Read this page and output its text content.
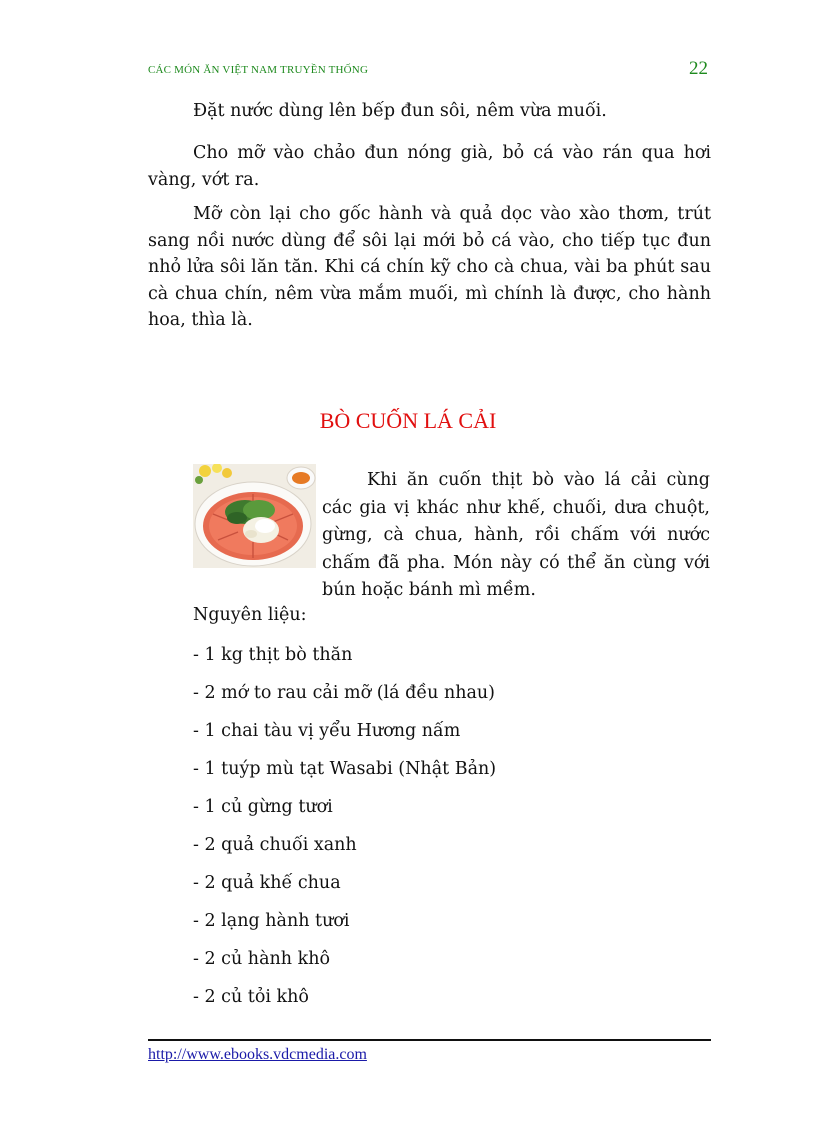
CÁC MÓN ĂN VIỆT NAM TRUYỀN THỐNG	22

Đặt nước dùng lên bếp đun sôi, nêm vừa muối.

Cho mỡ vào chảo đun nóng già, bỏ cá vào rán qua hơi vàng, vớt ra.

Mỡ còn lại cho gốc hành và quả dọc vào xào thơm, trút sang nồi nước dùng để sôi lại mới bỏ cá vào, cho tiếp tục đun nhỏ lửa sôi lăn tăn. Khi cá chín kỹ cho cà chua, vài ba phút sau cà chua chín, nêm vừa mắm muối, mì chính là được, cho hành hoa, thìa là.

BÒ CUỐN LÁ CẢI

Khi ăn cuốn thịt bò vào lá cải cùng các gia vị khác như khế, chuối, dưa chuột, gừng, cà chua, hành, rồi chấm với nước chấm đã pha. Món này có thể ăn cùng với bún hoặc bánh mì mềm.

Nguyên liệu:
- 1 kg thịt bò thăn
- 2 mớ to rau cải mỡ (lá đều nhau)
- 1 chai tàu vị yểu Hương nấm
- 1 tuýp mù tạt Wasabi (Nhật Bản)
- 1 củ gừng tươi
- 2 quả chuối xanh
- 2 quả khế chua
- 2 lạng hành tươi
- 2 củ hành khô
- 2 củ tỏi khô
http://www.ebooks.vdcmedia.com
